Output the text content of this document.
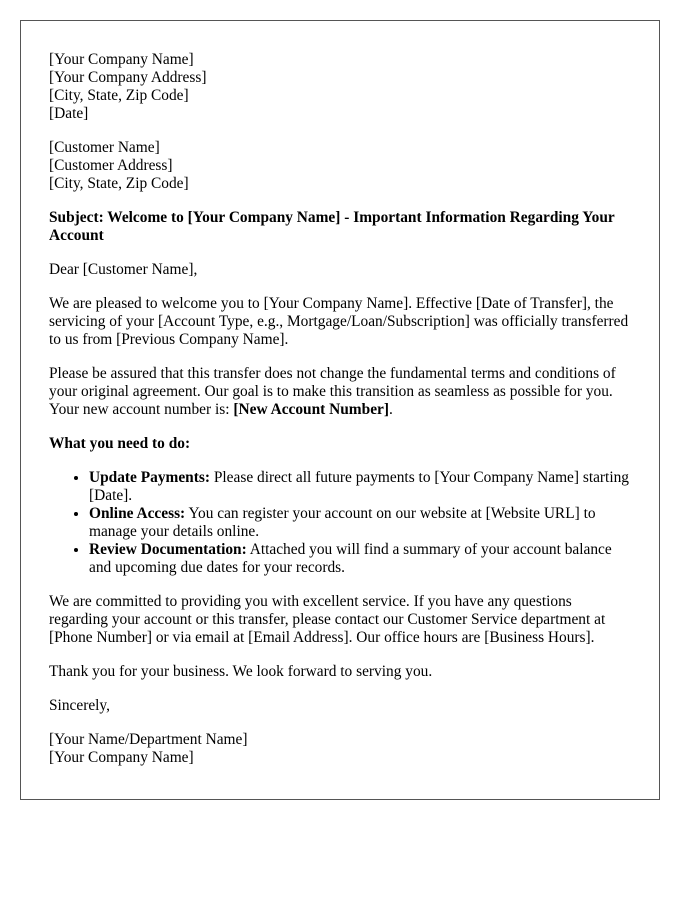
[Your Company Name]
[Your Company Address]
[City, State, Zip Code]
[Date]
[Customer Name]
[Customer Address]
[City, State, Zip Code]

Subject: Welcome to [Your Company Name] - Important Information Regarding Your Account

Dear [Customer Name],

We are pleased to welcome you to [Your Company Name]. Effective [Date of Transfer], the servicing of your [Account Type, e.g., Mortgage/Loan/Subscription] was officially transferred to us from [Previous Company Name].

Please be assured that this transfer does not change the fundamental terms and conditions of your original agreement. Our goal is to make this transition as seamless as possible for you. Your new account number is: [New Account Number].

What you need to do:

• Update Payments: Please direct all future payments to [Your Company Name] starting [Date].
• Online Access: You can register your account on our website at [Website URL] to manage your details online.
• Review Documentation: Attached you will find a summary of your account balance and upcoming due dates for your records.

We are committed to providing you with excellent service. If you have any questions regarding your account or this transfer, please contact our Customer Service department at [Phone Number] or via email at [Email Address]. Our office hours are [Business Hours].

Thank you for your business. We look forward to serving you.

Sincerely,

[Your Name/Department Name]
[Your Company Name]
